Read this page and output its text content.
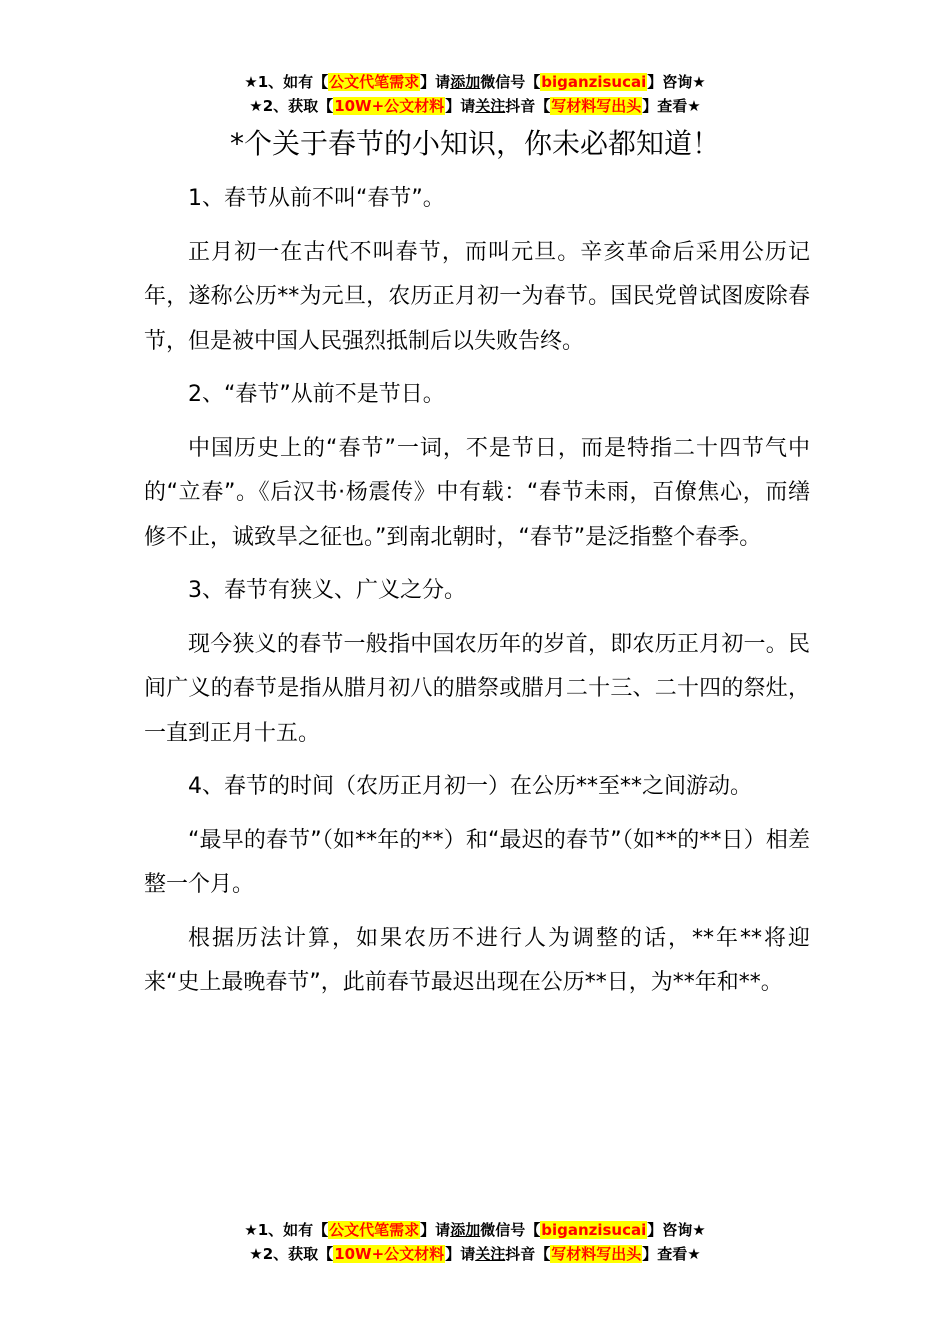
★1、如有【公文代笔需求】请添加微信号【biganzisucai】咨询★
★2、获取【10W+公文材料】请关注抖音【写材料写出头】查看★
*个关于春节的小知识，你未必都知道！

1、春节从前不叫“春节”。

正月初一在古代不叫春节，而叫元旦。辛亥革命后采用公历记年，遂称公历**为元旦，农历正月初一为春节。国民党曾试图废除春节，但是被中国人民强烈抵制后以失败告终。

2、“春节”从前不是节日。

中国历史上的“春节”一词，不是节日，而是特指二十四节气中的“立春”。《后汉书·杨震传》中有载：“春节未雨，百僚焦心，而缮修不止，诚致旱之征也。”到南北朝时，“春节”是泛指整个春季。

3、春节有狭义、广义之分。

现今狭义的春节一般指中国农历年的岁首，即农历正月初一。民间广义的春节是指从腊月初八的腊祭或腊月二十三、二十四的祭灶，一直到正月十五。

4、春节的时间（农历正月初一）在公历**至**之间游动。

“最早的春节”（如**年的**）和“最迟的春节”（如**的**日）相差整一个月。

根据历法计算，如果农历不进行人为调整的话，**年**将迎来“史上最晚春节”，此前春节最迟出现在公历**日，为**年和**。

★1、如有【公文代笔需求】请添加微信号【biganzisucai】咨询★
★2、获取【10W+公文材料】请关注抖音【写材料写出头】查看★
